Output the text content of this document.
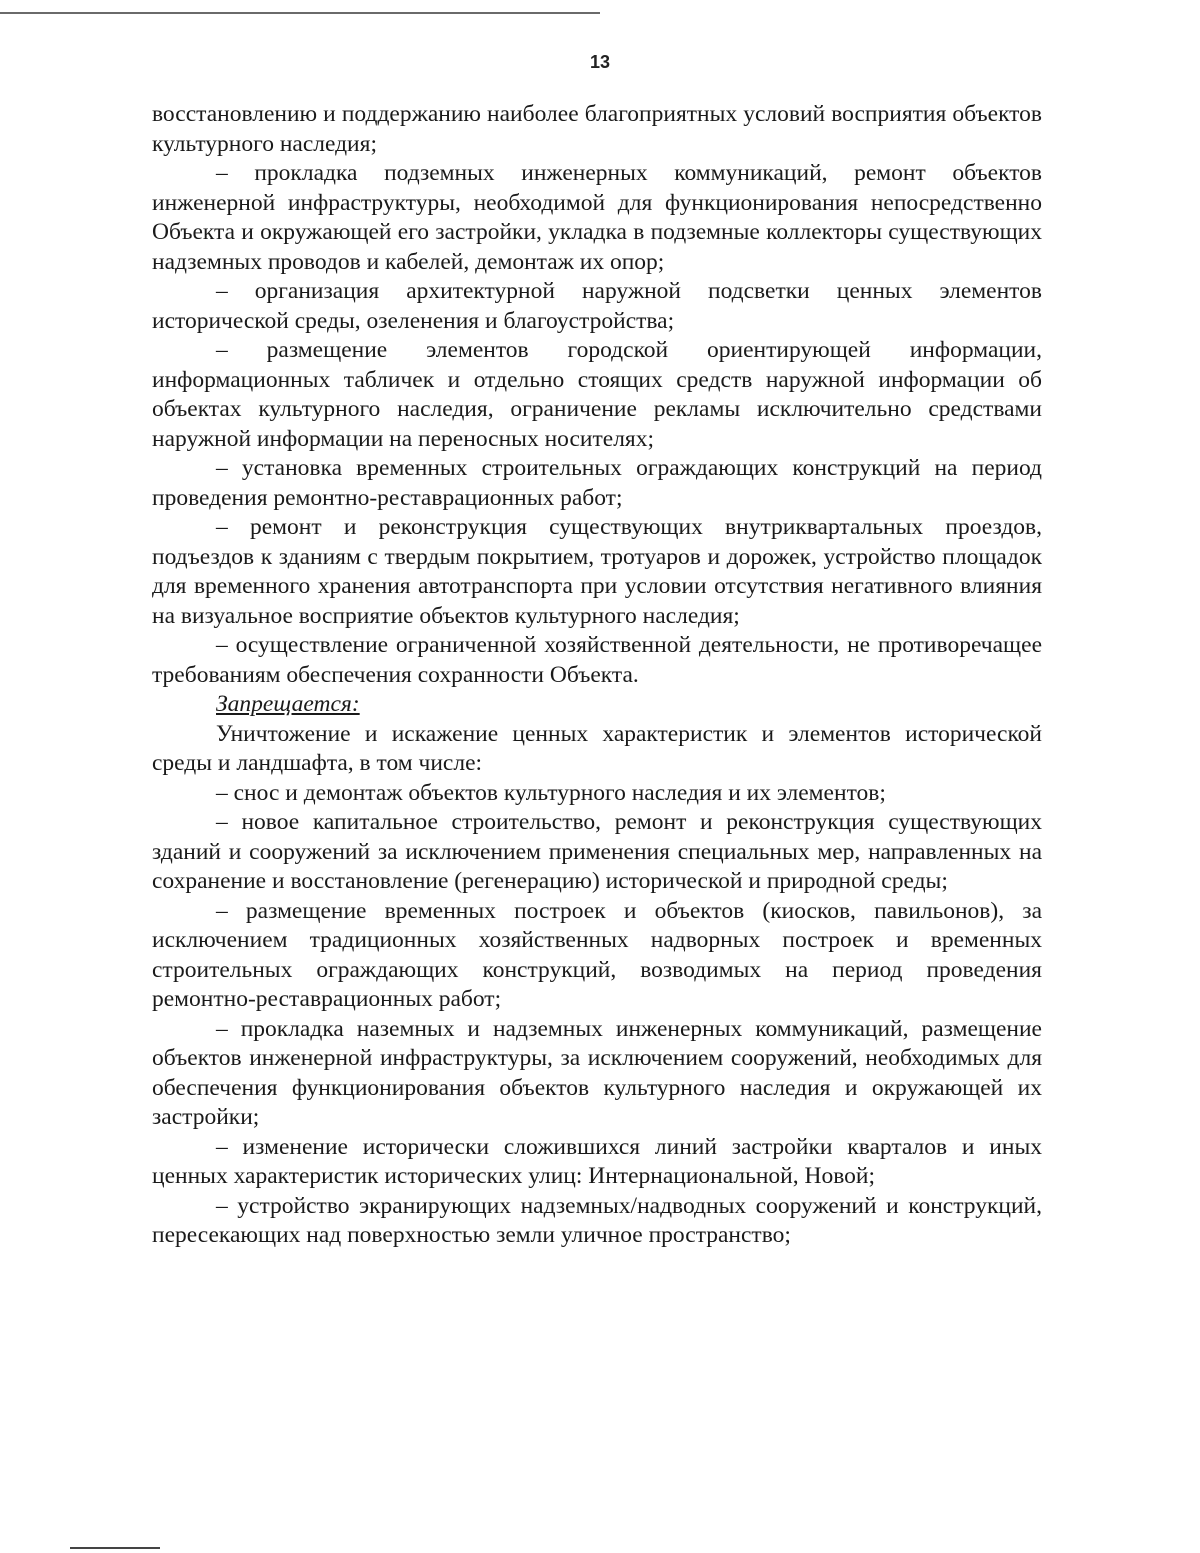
13

восстановлению и поддержанию наиболее благоприятных условий восприятия объектов культурного наследия;

– прокладка подземных инженерных коммуникаций, ремонт объектов инженерной инфраструктуры, необходимой для функционирования непосредственно Объекта и окружающей его застройки, укладка в подземные коллекторы существующих надземных проводов и кабелей, демонтаж их опор;

– организация архитектурной наружной подсветки ценных элементов исторической среды, озеленения и благоустройства;

– размещение элементов городской ориентирующей информации, информационных табличек и отдельно стоящих средств наружной информации об объектах культурного наследия, ограничение рекламы исключительно средствами наружной информации на переносных носителях;

– установка временных строительных ограждающих конструкций на период проведения ремонтно-реставрационных работ;

– ремонт и реконструкция существующих внутриквартальных проездов, подъездов к зданиям с твердым покрытием, тротуаров и дорожек, устройство площадок для временного хранения автотранспорта при условии отсутствия негативного влияния на визуальное восприятие объектов культурного наследия;

– осуществление ограниченной хозяйственной деятельности, не противоречащее требованиям обеспечения сохранности Объекта.

Запрещается:

Уничтожение и искажение ценных характеристик и элементов исторической среды и ландшафта, в том числе:

– снос и демонтаж объектов культурного наследия и их элементов;

– новое капитальное строительство, ремонт и реконструкция существующих зданий и сооружений за исключением применения специальных мер, направленных на сохранение и восстановление (регенерацию) исторической и природной среды;

– размещение временных построек и объектов (киосков, павильонов), за исключением традиционных хозяйственных надворных построек и временных строительных ограждающих конструкций, возводимых на период проведения ремонтно-реставрационных работ;

– прокладка наземных и надземных инженерных коммуникаций, размещение объектов инженерной инфраструктуры, за исключением сооружений, необходимых для обеспечения функционирования объектов культурного наследия и окружающей их застройки;

– изменение исторически сложившихся линий застройки кварталов и иных ценных характеристик исторических улиц: Интернациональной, Новой;

– устройство экранирующих надземных/надводных сооружений и конструкций, пересекающих над поверхностью земли уличное пространство;
